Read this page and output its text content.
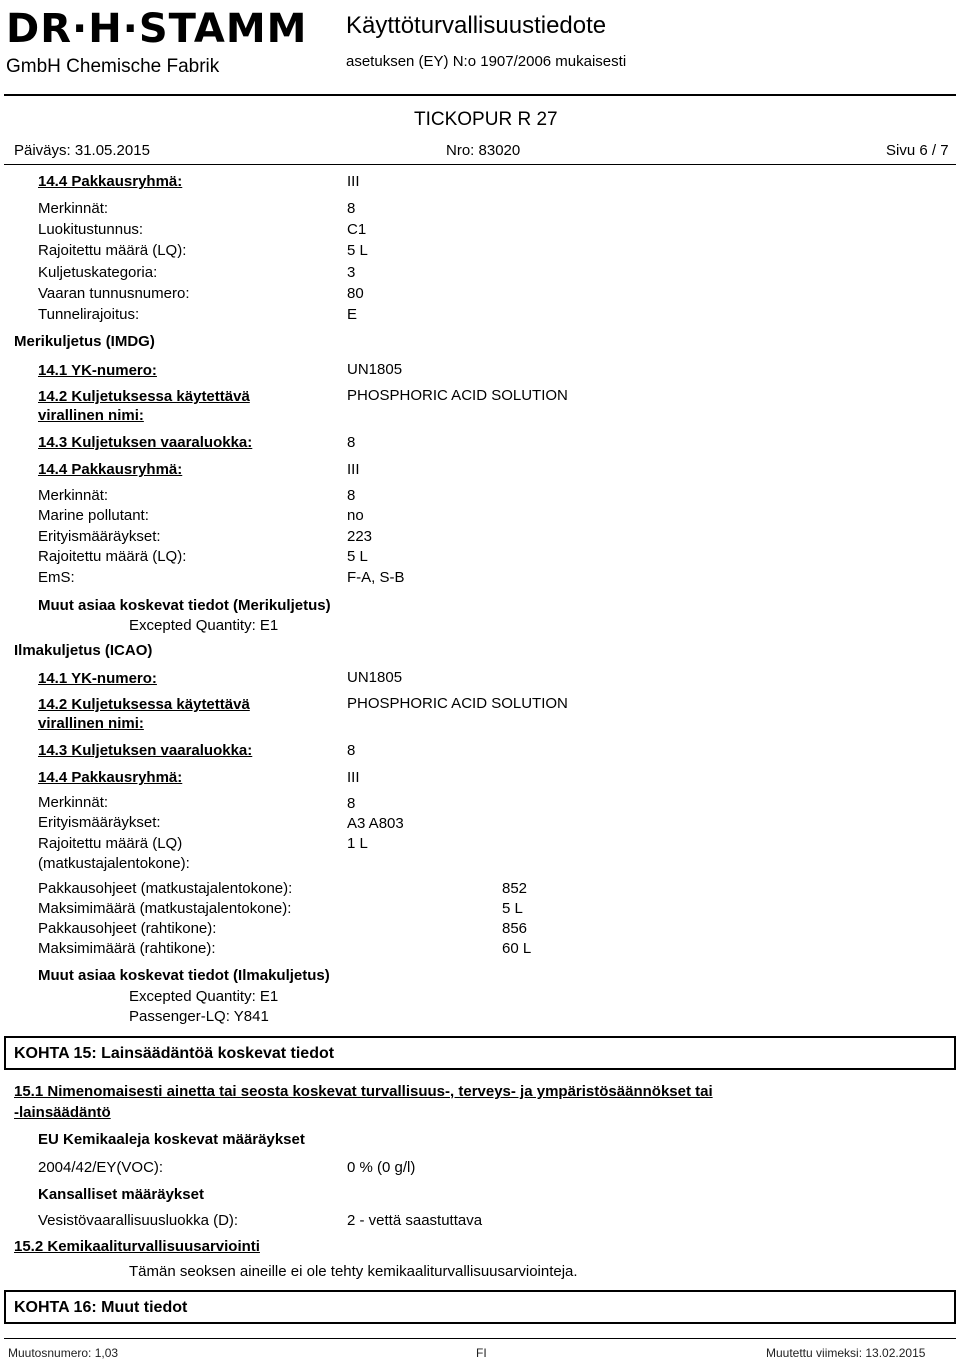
DR·H·STAMM
GmbH Chemische Fabrik
Käyttöturvallisuustiedote
asetuksen (EY) N:o 1907/2006 mukaisesti
TICKOPUR R 27
Päiväys: 31.05.2015	Nro: 83020	Sivu 6 / 7
14.4 Pakkausryhmä:	III
Merkinnät:	8
Luokitustunnus:	C1
Rajoitettu määrä (LQ):	5 L
Kuljetuskategoria:	3
Vaaran tunnusnumero:	80
Tunnelirajoitus:	E
Merikuljetus (IMDG)
14.1 YK-numero:	UN1805
14.2 Kuljetuksessa käytettävä
virallinen nimi:
PHOSPHORIC ACID SOLUTION
14.3 Kuljetuksen vaaraluokka:	8
14.4 Pakkausryhmä:	III
Merkinnät:	8
Marine pollutant:	no
Erityismääräykset:	223
Rajoitettu määrä (LQ):	5 L
EmS:	F-A, S-B
Muut asiaa koskevat tiedot (Merikuljetus)
Excepted Quantity: E1
Ilmakuljetus (ICAO)
14.1 YK-numero:	UN1805
14.2 Kuljetuksessa käytettävä
virallinen nimi:
PHOSPHORIC ACID SOLUTION
14.3 Kuljetuksen vaaraluokka:	8
14.4 Pakkausryhmä:	III
Merkinnät:	8
Erityismääräykset:	A3 A803
Rajoitettu määrä (LQ)
(matkustajalentokone):
1 L
Pakkausohjeet (matkustajalentokone):	852
Maksimimäärä (matkustajalentokone):	5 L
Pakkausohjeet (rahtikone):	856
Maksimimäärä (rahtikone):	60 L
Muut asiaa koskevat tiedot (Ilmakuljetus)
Excepted Quantity: E1
Passenger-LQ: Y841
KOHTA 15: Lainsäädäntöä koskevat tiedot
15.1 Nimenomaisesti ainetta tai seosta koskevat turvallisuus-, terveys- ja ympäristösäännökset tai
-lainsäädäntö
EU Kemikaaleja koskevat määräykset
2004/42/EY(VOC):	0 % (0 g/l)
Kansalliset määräykset
Vesistövaarallisuusluokka (D):	2 - vettä saastuttava
15.2 Kemikaaliturvallisuusarviointi
Tämän seoksen aineille ei ole tehty kemikaaliturvallisuusarviointeja.
KOHTA 16: Muut tiedot
Muutosnumero: 1,03	FI	Muutettu viimeksi: 13.02.2015
